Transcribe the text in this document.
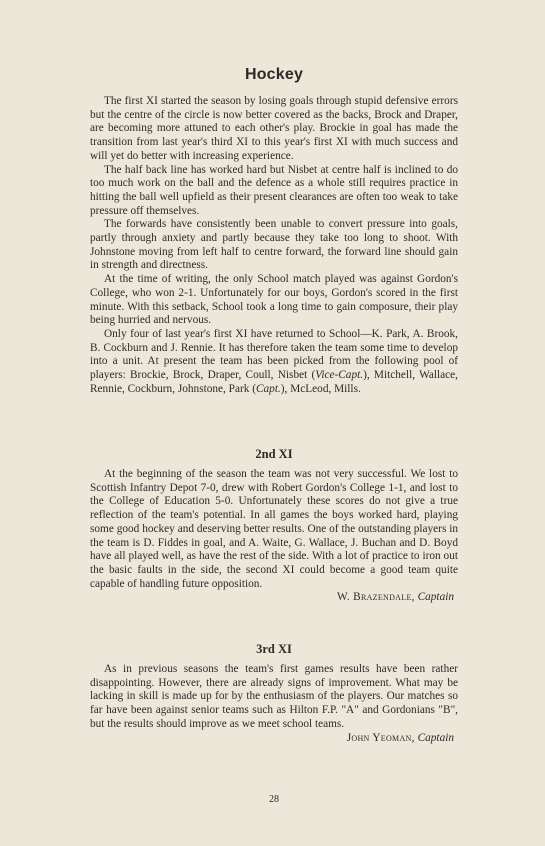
Hockey

The first XI started the season by losing goals through stupid defensive errors but the centre of the circle is now better covered as the backs, Brock and Draper, are becoming more attuned to each other's play. Brockie in goal has made the transition from last year's third XI to this year's first XI with much success and will yet do better with increasing experience.

The half back line has worked hard but Nisbet at centre half is inclined to do too much work on the ball and the defence as a whole still requires practice in hitting the ball well upfield as their present clearances are often too weak to take pressure off themselves.

The forwards have consistently been unable to convert pressure into goals, partly through anxiety and partly because they take too long to shoot. With Johnstone moving from left half to centre forward, the forward line should gain in strength and directness.

At the time of writing, the only School match played was against Gordon's College, who won 2-1. Unfortunately for our boys, Gordon's scored in the first minute. With this setback, School took a long time to gain composure, their play being hurried and nervous.

Only four of last year's first XI have returned to School—K. Park, A. Brook, B. Cockburn and J. Rennie. It has therefore taken the team some time to develop into a unit. At present the team has been picked from the following pool of players: Brockie, Brock, Draper, Coull, Nisbet (Vice-Capt.), Mitchell, Wallace, Rennie, Cockburn, Johnstone, Park (Capt.), McLeod, Mills.

2nd XI

At the beginning of the season the team was not very successful. We lost to Scottish Infantry Depot 7-0, drew with Robert Gordon's College 1-1, and lost to the College of Education 5-0. Unfortunately these scores do not give a true reflection of the team's potential. In all games the boys worked hard, playing some good hockey and deserving better results. One of the outstanding players in the team is D. Fiddes in goal, and A. Waite, G. Wallace, J. Buchan and D. Boyd have all played well, as have the rest of the side. With a lot of practice to iron out the basic faults in the side, the second XI could become a good team quite capable of handling future opposition.

W. Brazendale, Captain
3rd XI

As in previous seasons the team's first games results have been rather disappointing. However, there are already signs of improvement. What may be lacking in skill is made up for by the enthusiasm of the players. Our matches so far have been against senior teams such as Hilton F.P. "A" and Gordonians "B", but the results should improve as we meet school teams.

John Yeoman, Captain
28
